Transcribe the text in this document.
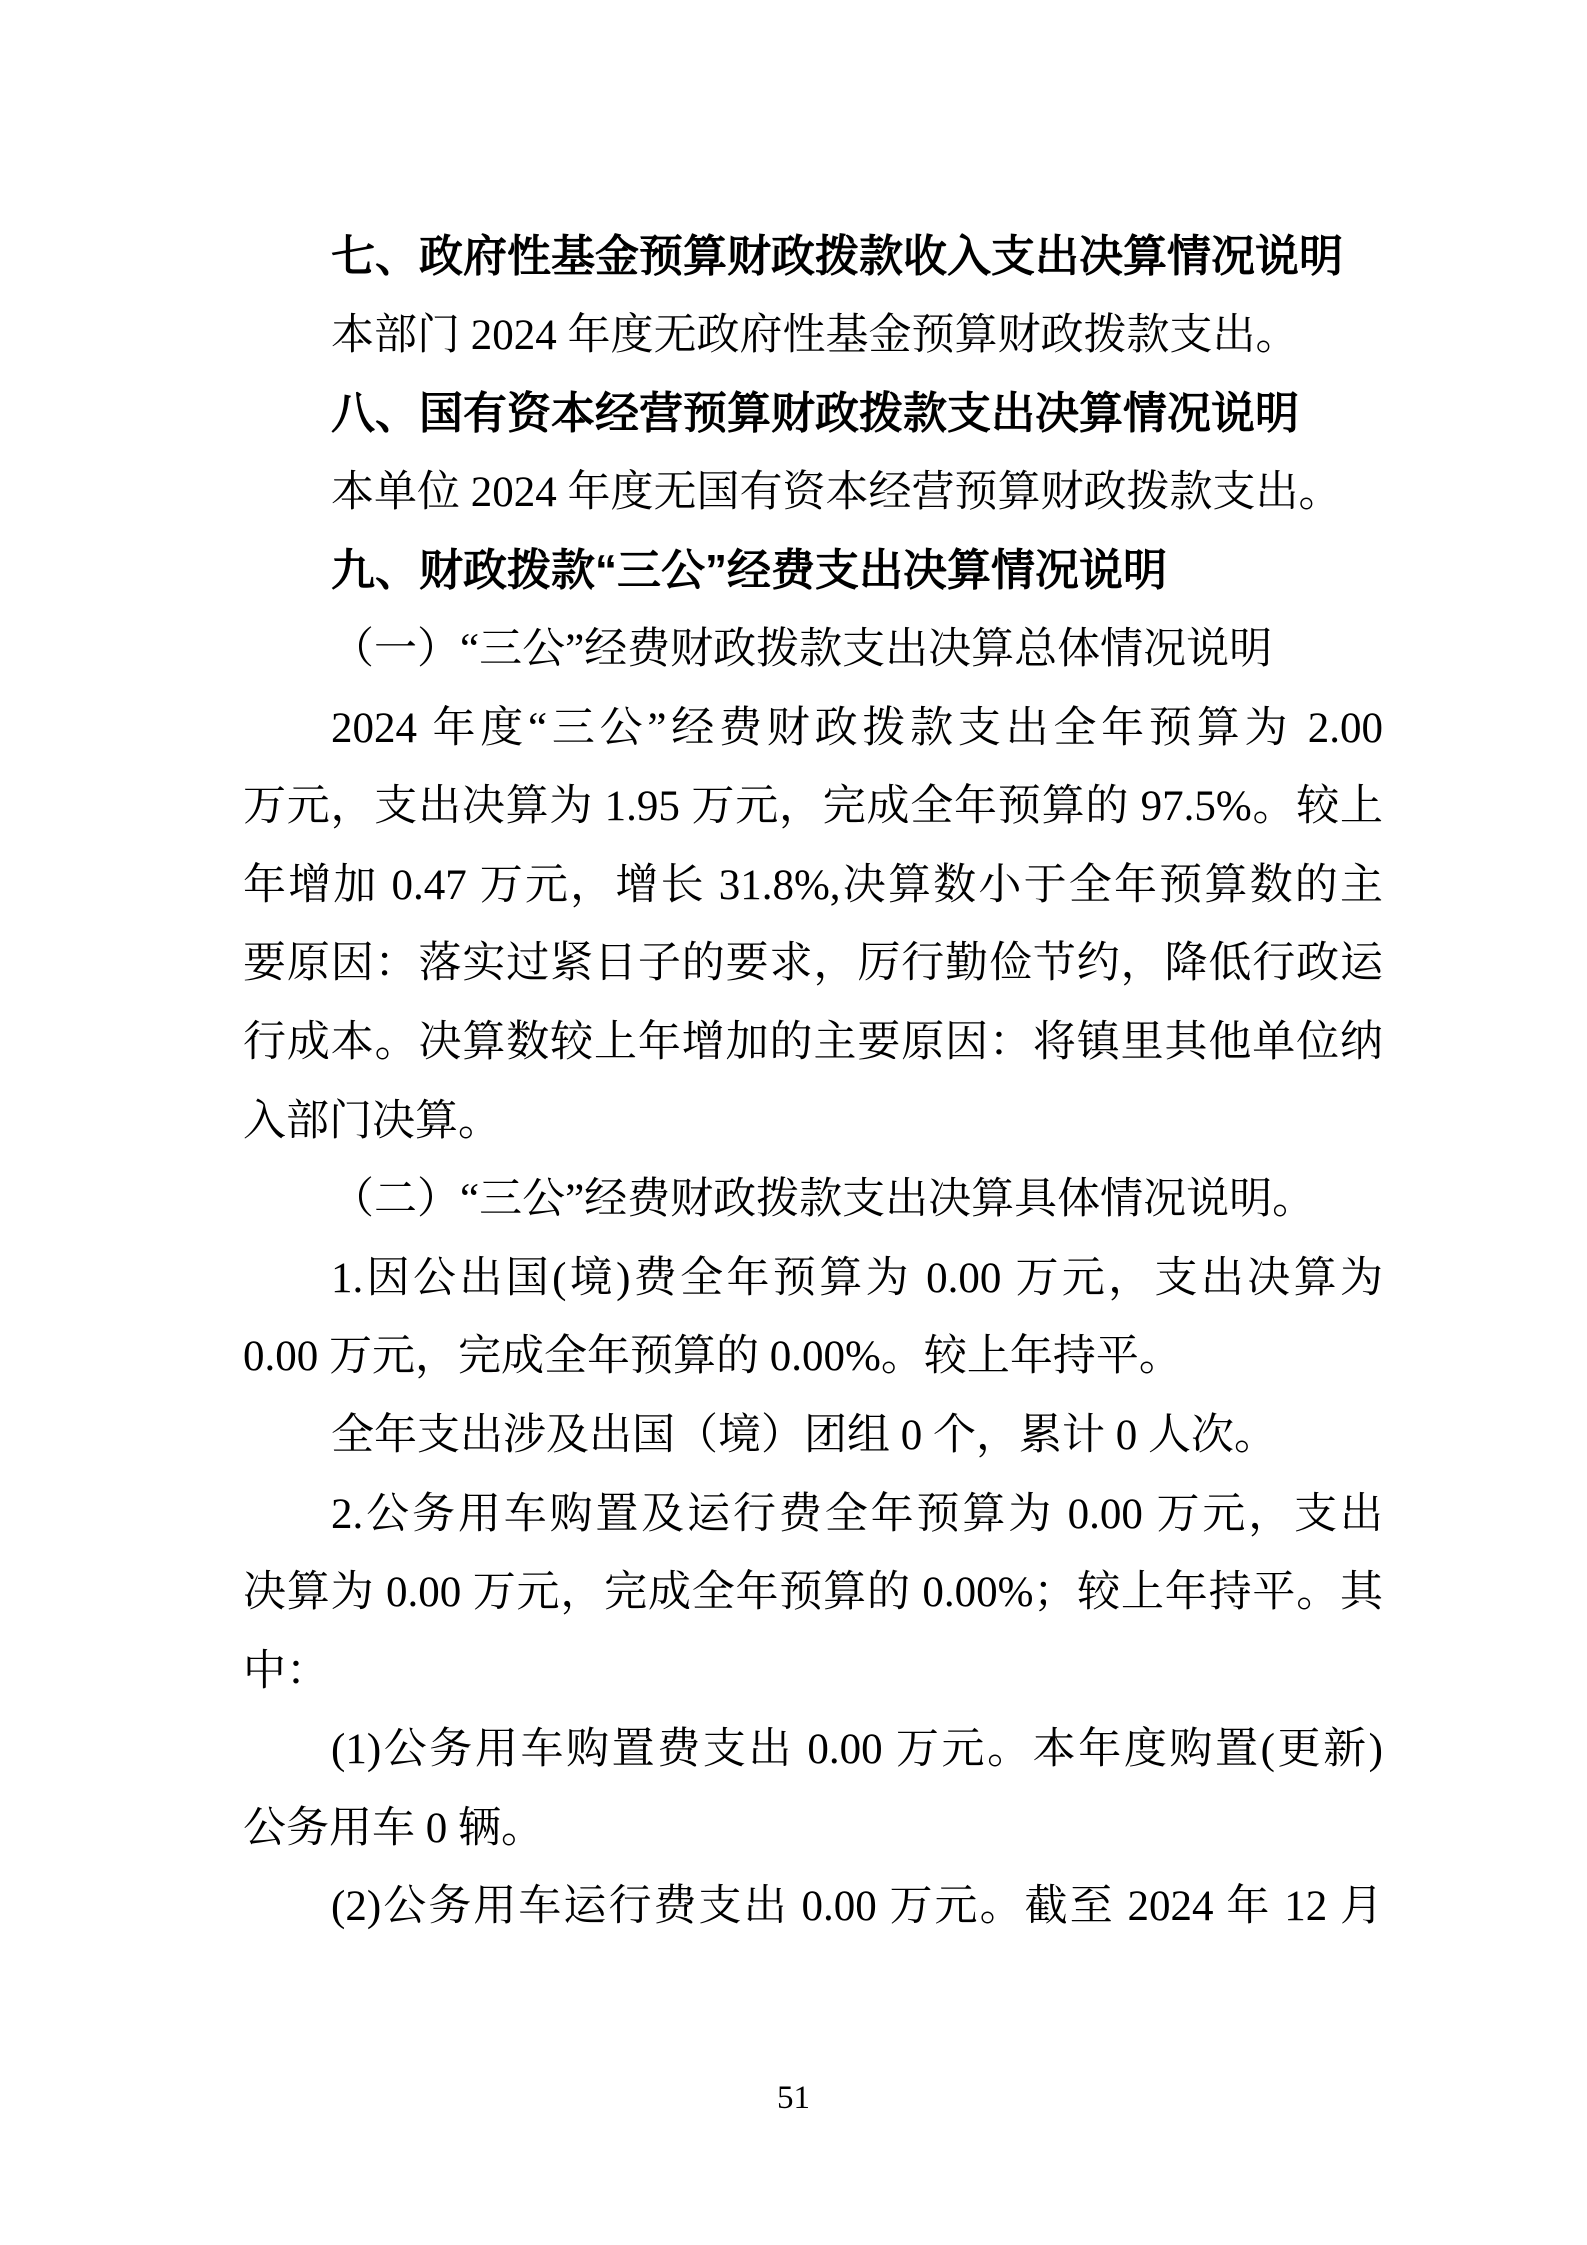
七、政府性基金预算财政拨款收入支出决算情况说明
本部门 2024 年度无政府性基金预算财政拨款支出。
八、国有资本经营预算财政拨款支出决算情况说明
本单位 2024 年度无国有资本经营预算财政拨款支出。
九、财政拨款“三公”经费支出决算情况说明
（一）“三公”经费财政拨款支出决算总体情况说明
2024 年度“三公”经费财政拨款支出全年预算为 2.00
万元，支出决算为 1.95 万元，完成全年预算的 97.5%。较上
年增加 0.47 万元，增长 31.8%,决算数小于全年预算数的主
要原因：落实过紧日子的要求，厉行勤俭节约，降低行政运
行成本。决算数较上年增加的主要原因：将镇里其他单位纳
入部门决算。
（二）“三公”经费财政拨款支出决算具体情况说明。
1.因公出国(境)费全年预算为 0.00 万元，支出决算为
0.00 万元，完成全年预算的 0.00%。较上年持平。
全年支出涉及出国（境）团组 0 个，累计 0 人次。
2.公务用车购置及运行费全年预算为 0.00 万元，支出
决算为 0.00 万元，完成全年预算的 0.00%；较上年持平。其
中：
(1)公务用车购置费支出 0.00 万元。本年度购置(更新)
公务用车 0 辆。
(2)公务用车运行费支出 0.00 万元。截至 2024 年 12 月
51
